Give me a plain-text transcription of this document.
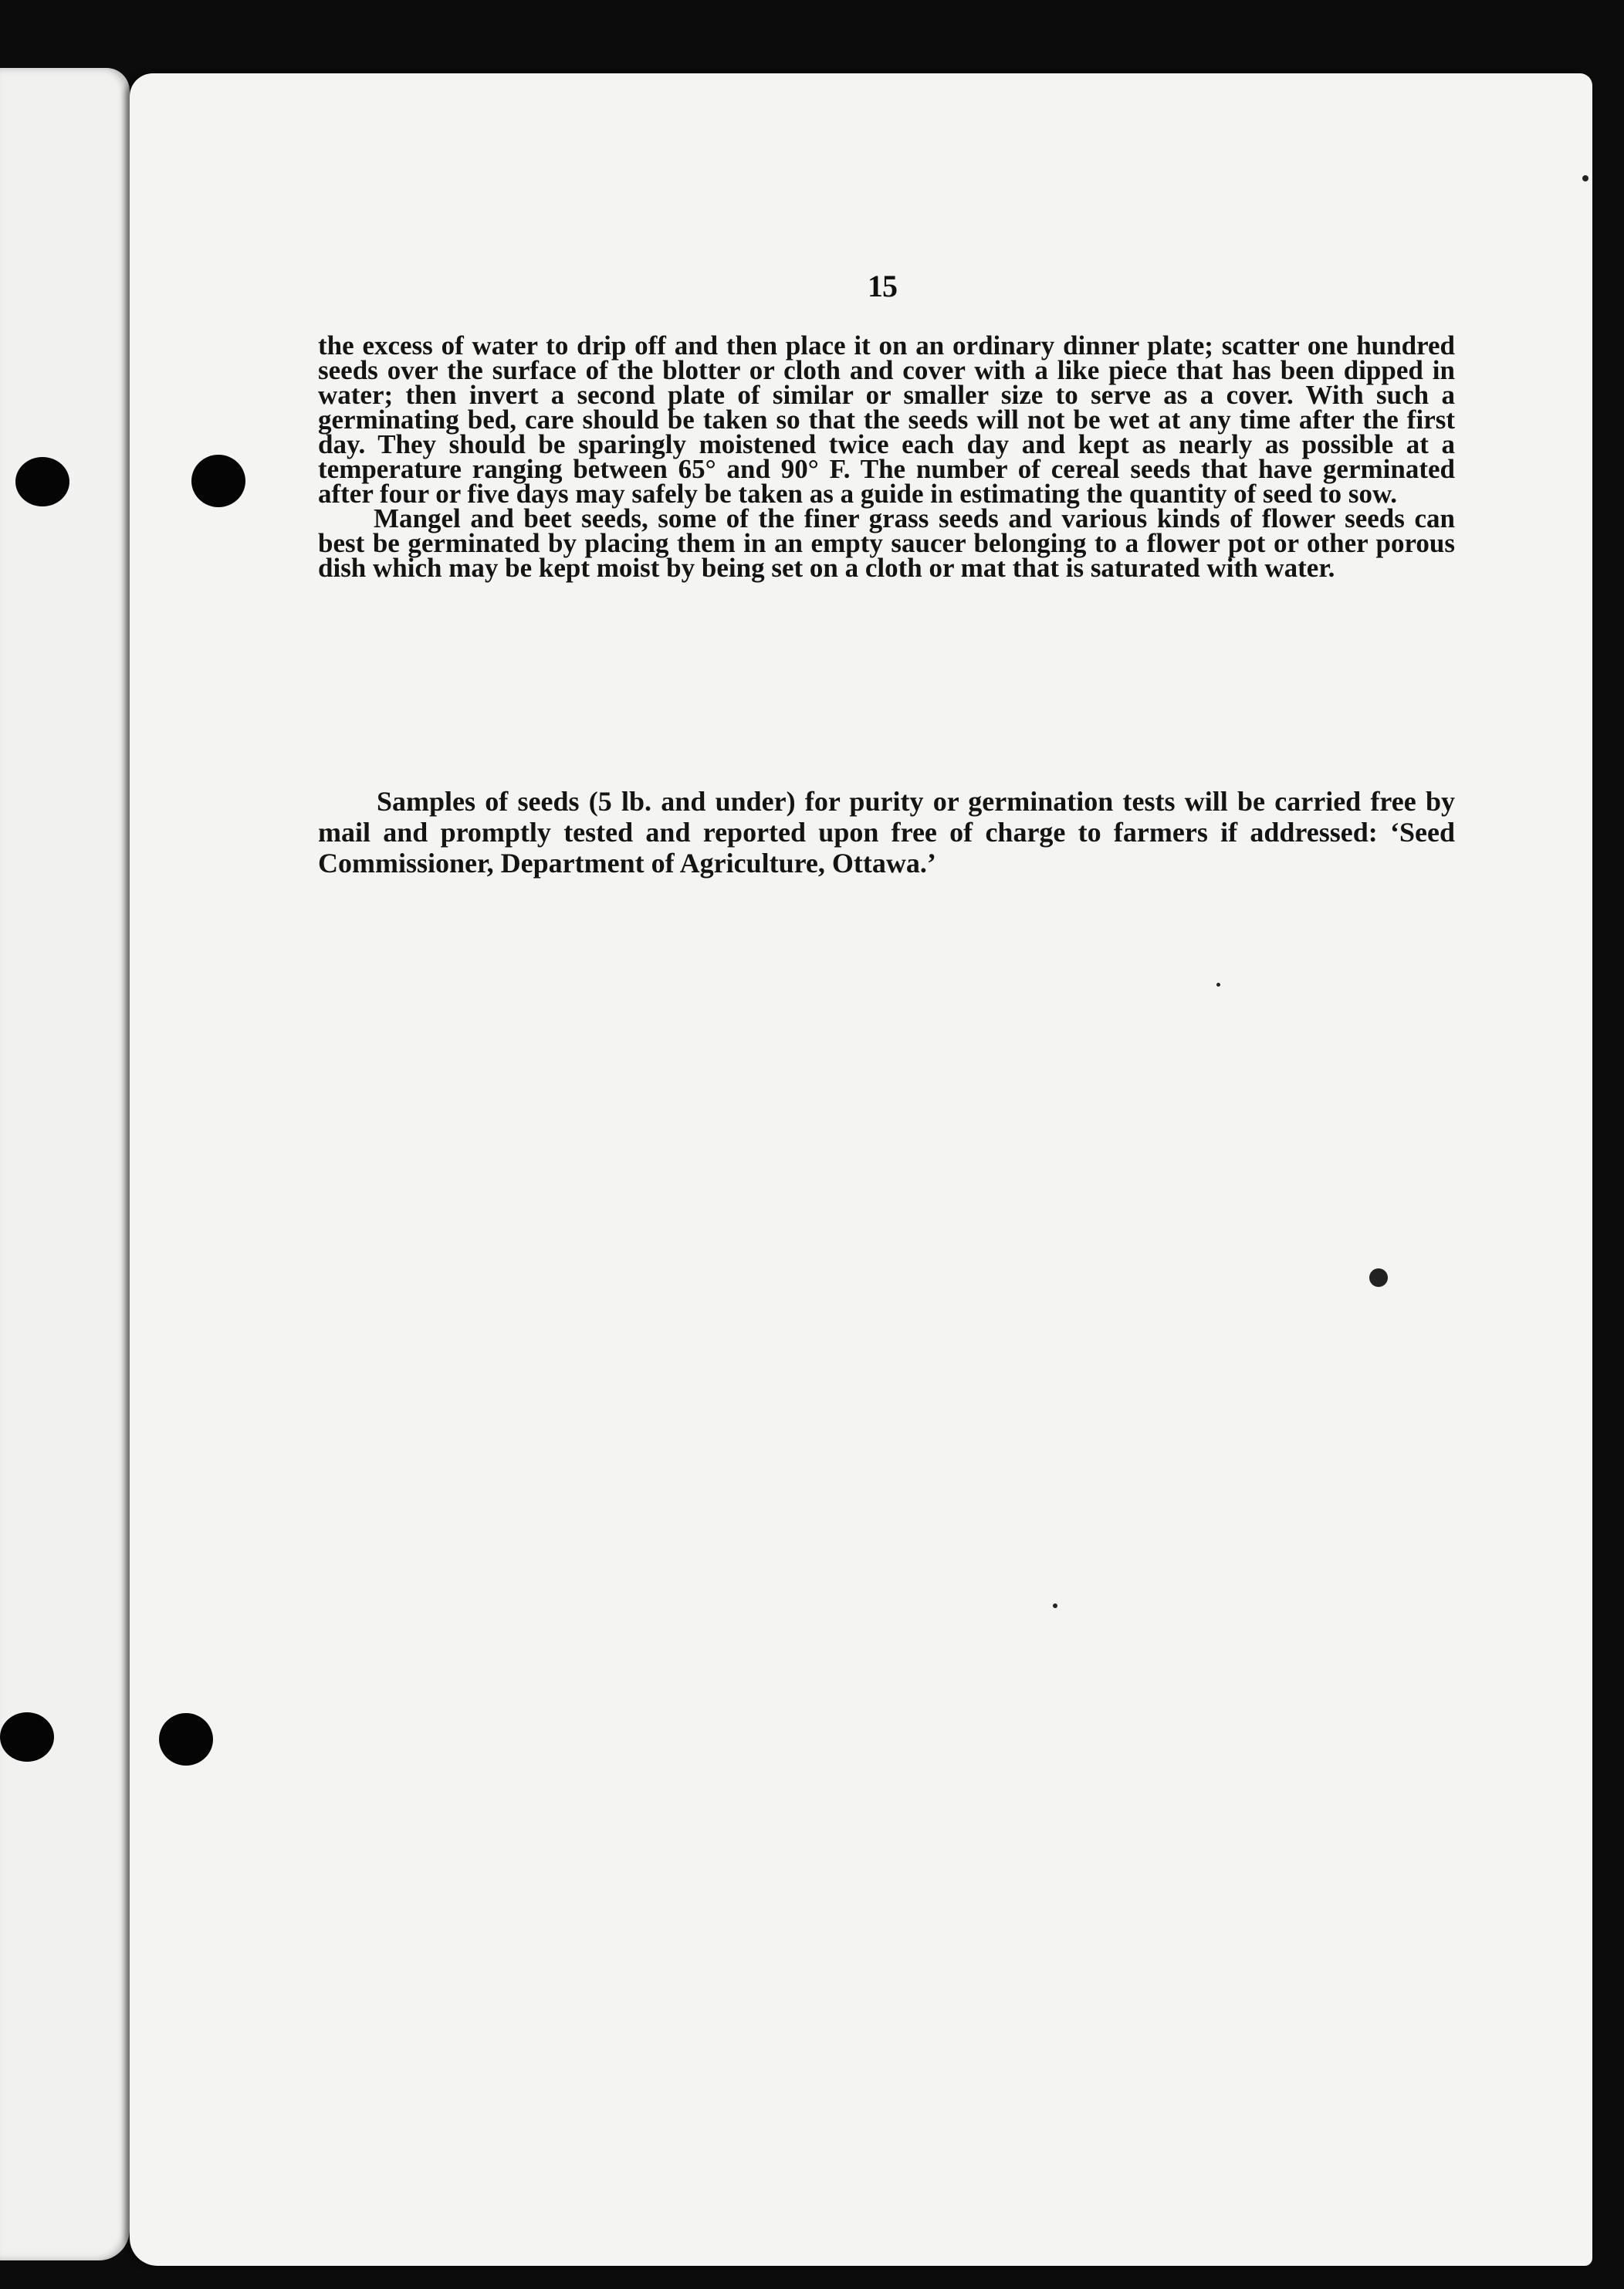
15

the excess of water to drip off and then place it on an ordinary dinner plate; scatter one hundred seeds over the surface of the blotter or cloth and cover with a like piece that has been dipped in water; then invert a second plate of similar or smaller size to serve as a cover. With such a germinating bed, care should be taken so that the seeds will not be wet at any time after the first day. They should be sparingly moistened twice each day and kept as nearly as possible at a temperature ranging between 65° and 90° F. The number of cereal seeds that have germinated after four or five days may safely be taken as a guide in estimating the quantity of seed to sow.

Mangel and beet seeds, some of the finer grass seeds and various kinds of flower seeds can best be germinated by placing them in an empty saucer belonging to a flower pot or other porous dish which may be kept moist by being set on a cloth or mat that is saturated with water.

Samples of seeds (5 lb. and under) for purity or germination tests will be carried free by mail and promptly tested and reported upon free of charge to farmers if addressed: ‘Seed Commissioner, Department of Agriculture, Ottawa.’
